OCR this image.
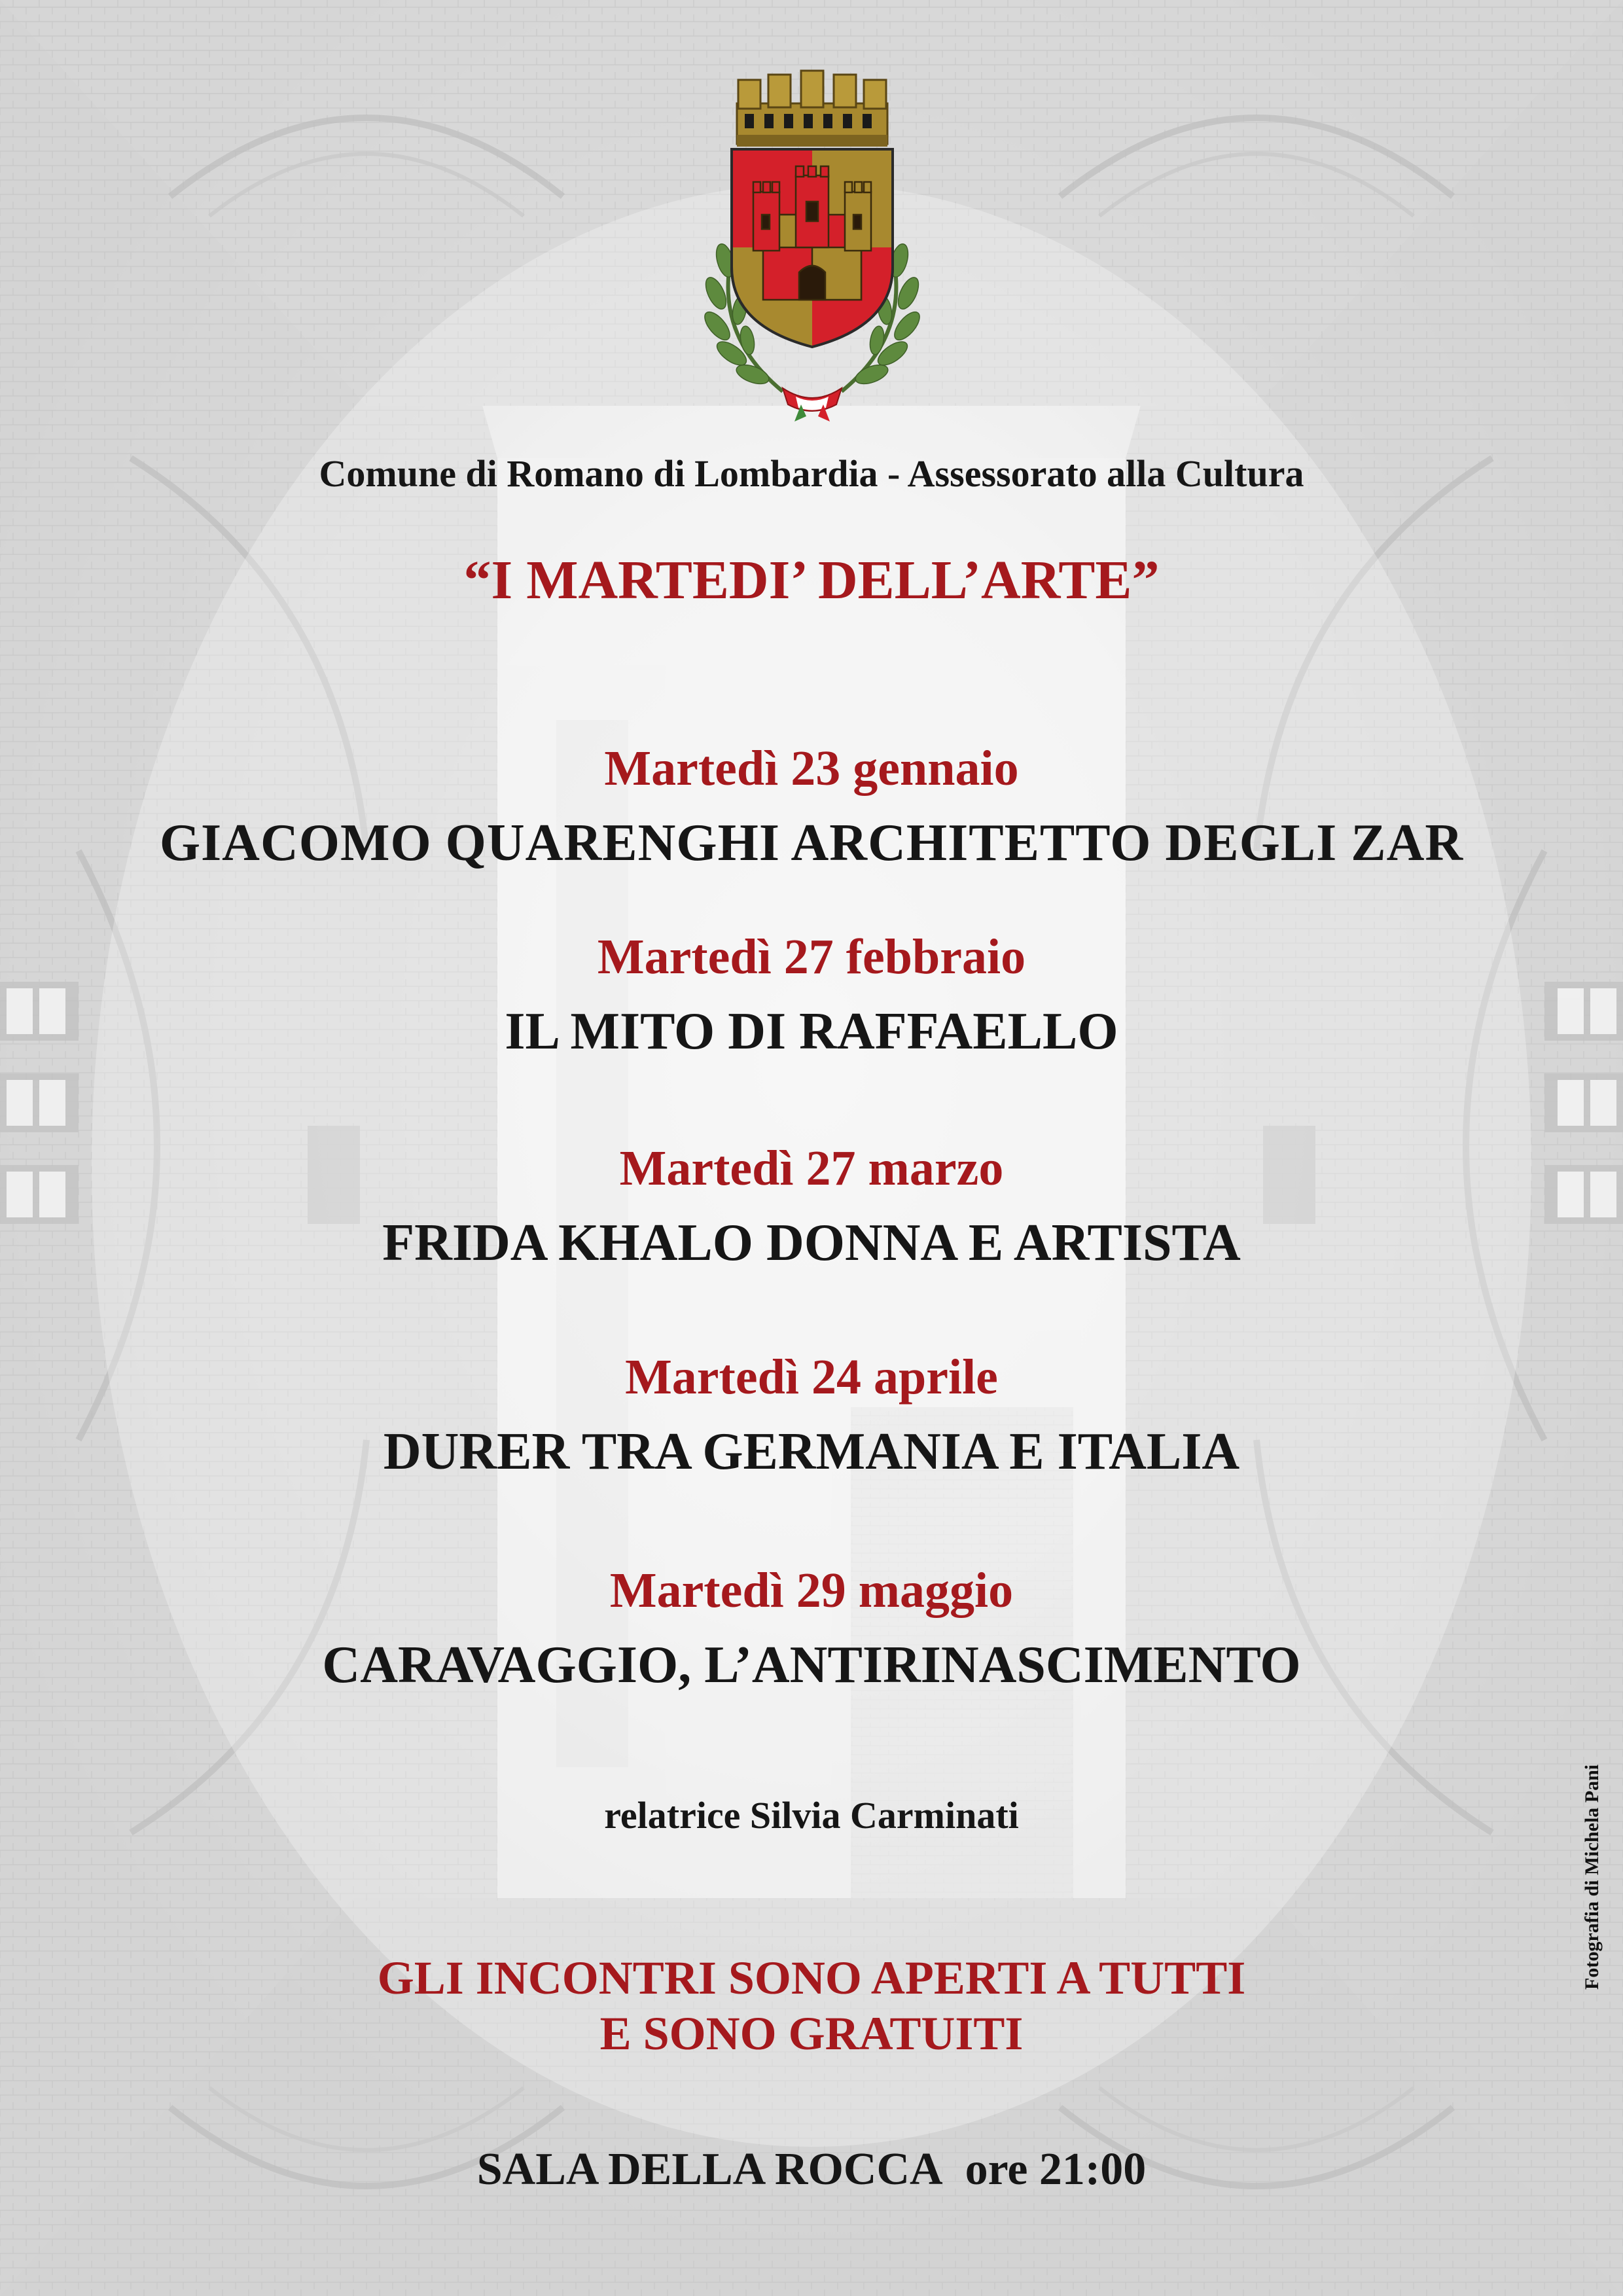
Comune di Romano di Lombardia - Assessorato alla Cultura
“I MARTEDI’ DELL’ARTE”
Martedì 23 gennaio
GIACOMO QUARENGHI ARCHITETTO DEGLI ZAR
Martedì 27 febbraio
IL MITO DI RAFFAELLO
Martedì 27 marzo
FRIDA KHALO DONNA E ARTISTA
Martedì 24 aprile
DURER TRA GERMANIA E ITALIA
Martedì 29 maggio
CARAVAGGIO, L’ANTIRINASCIMENTO
relatrice Silvia Carminati
GLI INCONTRI SONO APERTI A TUTTI
E SONO GRATUITI
SALA DELLA ROCCA ore 21:00
Fotografia di Michela Pani
